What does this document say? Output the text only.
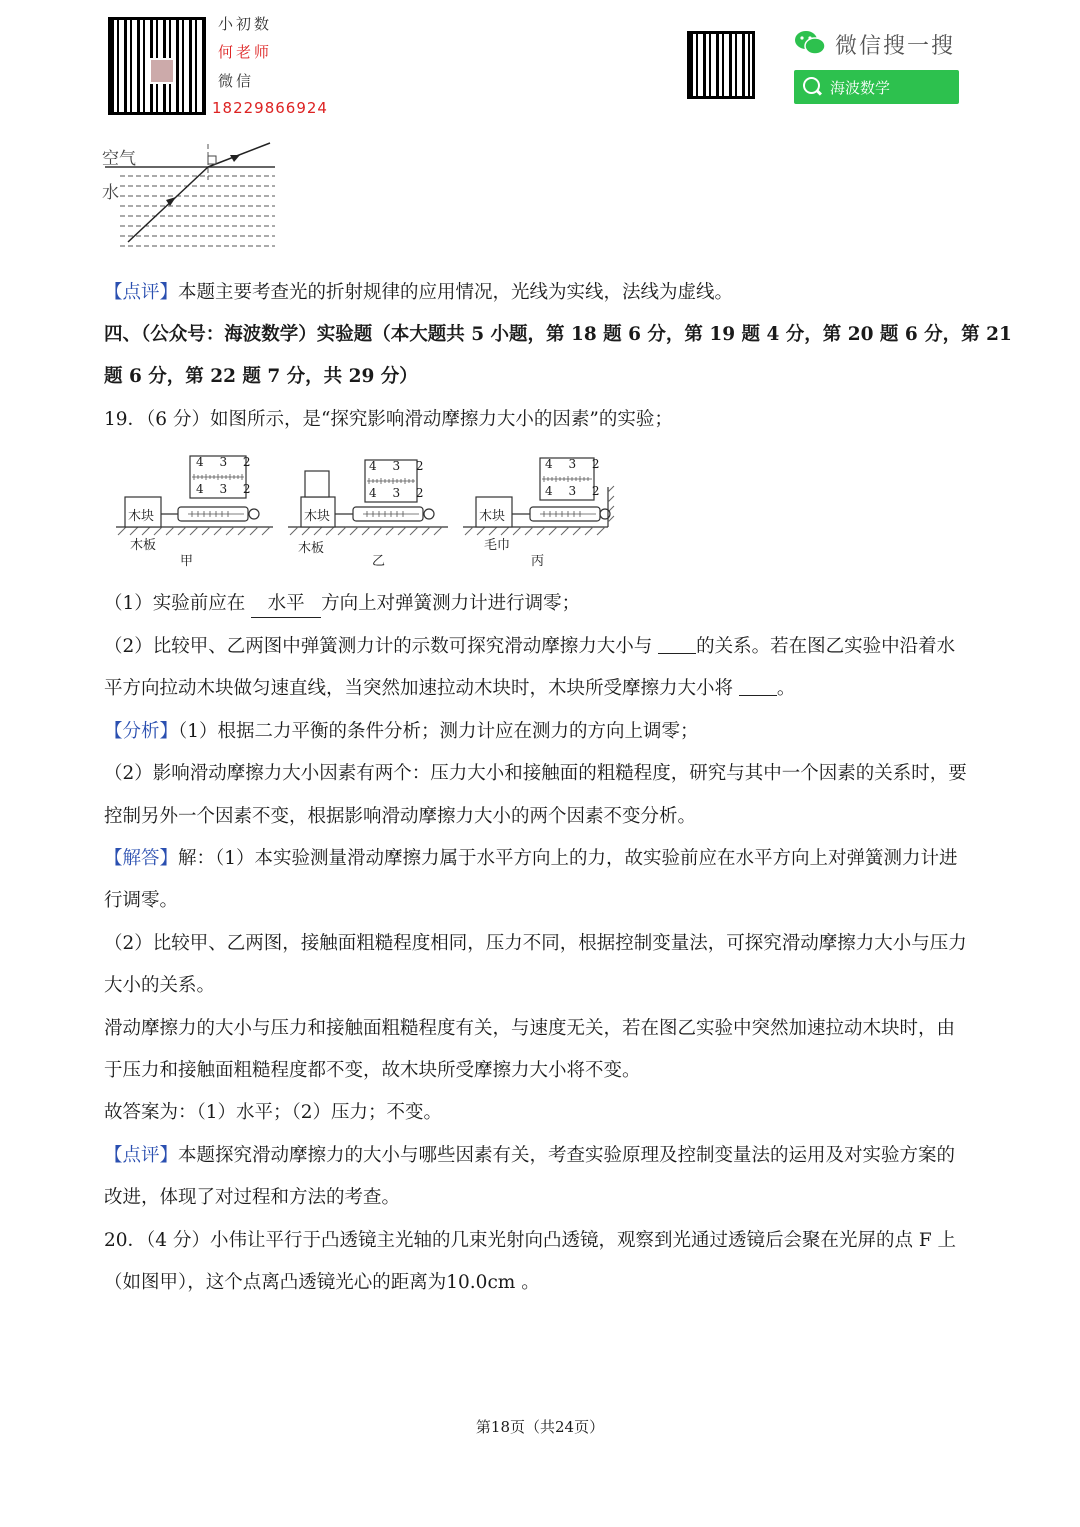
小初数
何老师
微信
18229866924
微信搜一搜
海波数学
空气
水
【点评】本题主要考查光的折射规律的应用情况，光线为实线，法线为虚线。
四、（公众号：海波数学）实验题（本大题共 5 小题，第 18 题 6 分，第 19 题 4 分，第 20 题 6 分，第 21
题 6 分，第 22 题 7 分，共 29 分）
19．（6 分）如图所示，是“探究影响滑动摩擦力大小的因素”的实验；
4 3 2
4 3 2
4 3 2
4 3 2
4 3 2
4 3 2
木块	木块	木块
木板	木板	毛巾
甲	乙	丙
（1）实验前应在 水平 方向上对弹簧测力计进行调零；
（2）比较甲、乙两图中弹簧测力计的示数可探究滑动摩擦力大小与 的关系。若在图乙实验中沿着水
平方向拉动木块做匀速直线，当突然加速拉动木块时，木块所受摩擦力大小将 。
【分析】（1）根据二力平衡的条件分析；测力计应在测力的方向上调零；
（2）影响滑动摩擦力大小因素有两个：压力大小和接触面的粗糙程度，研究与其中一个因素的关系时，要
控制另外一个因素不变，根据影响滑动摩擦力大小的两个因素不变分析。
【解答】解：（1）本实验测量滑动摩擦力属于水平方向上的力，故实验前应在水平方向上对弹簧测力计进
行调零。
（2）比较甲、乙两图，接触面粗糙程度相同，压力不同，根据控制变量法，可探究滑动摩擦力大小与压力
大小的关系。
滑动摩擦力的大小与压力和接触面粗糙程度有关，与速度无关，若在图乙实验中突然加速拉动木块时，由
于压力和接触面粗糙程度都不变，故木块所受摩擦力大小将不变。
故答案为：（1）水平；（2）压力；不变。
【点评】本题探究滑动摩擦力的大小与哪些因素有关，考查实验原理及控制变量法的运用及对实验方案的
改进，体现了对过程和方法的考查。
20．（4 分）小伟让平行于凸透镜主光轴的几束光射向凸透镜，观察到光通过透镜后会聚在光屏的点 F 上
（如图甲），这个点离凸透镜光心的距离为10.0cm 。
第18页（共24页）
